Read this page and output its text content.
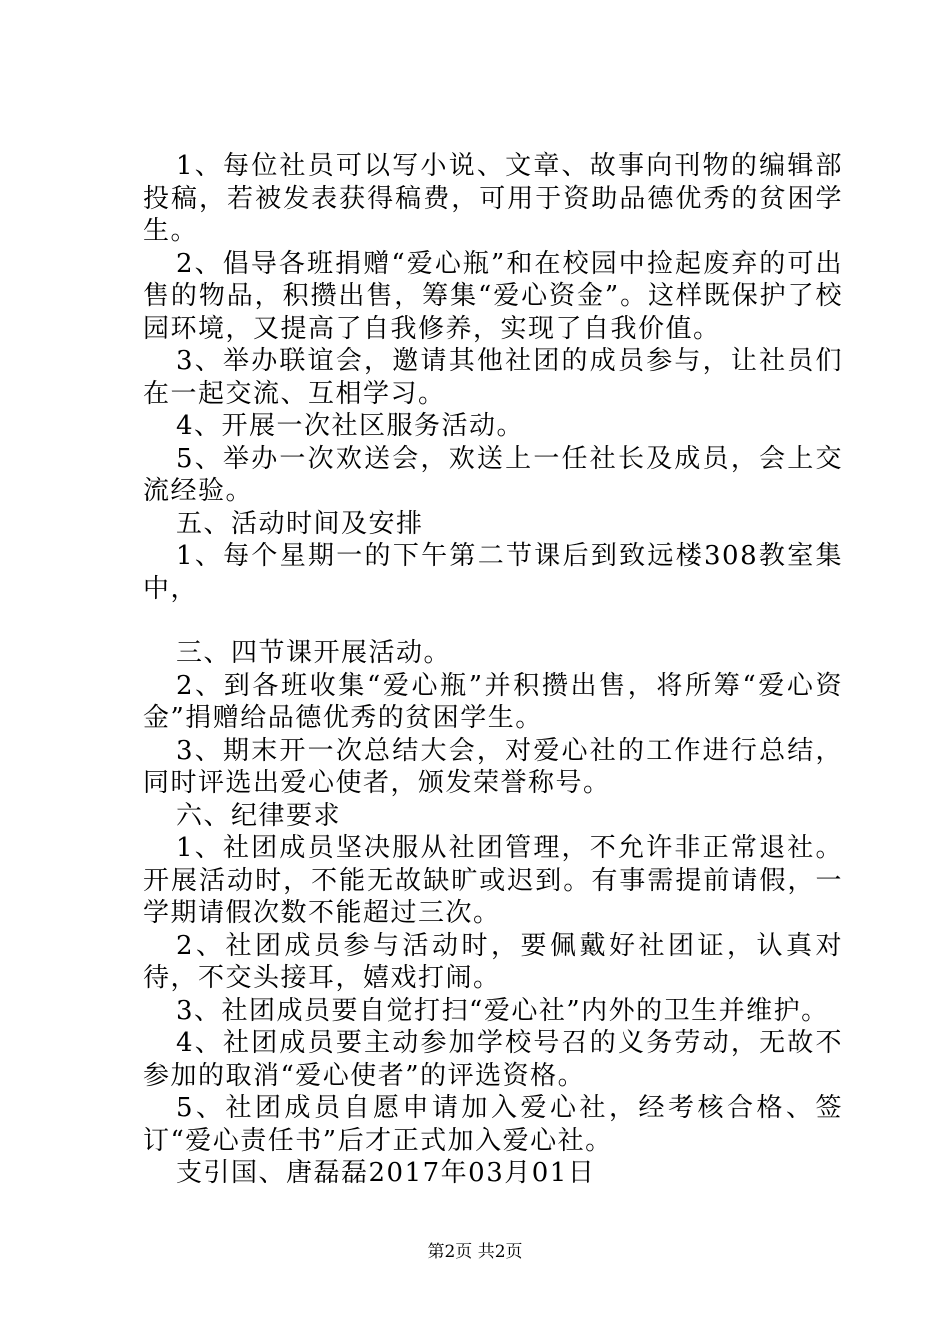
1、每位社员可以写小说、文章、故事向刊物的编辑部投稿，若被发表获得稿费，可用于资助品德优秀的贫困学生。

2、倡导各班捐赠“爱心瓶”和在校园中捡起废弃的可出售的物品，积攒出售，筹集“爱心资金”。这样既保护了校园环境，又提高了自我修养，实现了自我价值。

3、举办联谊会，邀请其他社团的成员参与，让社员们在一起交流、互相学习。

4、开展一次社区服务活动。

5、举办一次欢送会，欢送上一任社长及成员，会上交流经验。

五、活动时间及安排

1、每个星期一的下午第二节课后到致远楼308教室集中，

三、四节课开展活动。

2、到各班收集“爱心瓶”并积攒出售，将所筹“爱心资金”捐赠给品德优秀的贫困学生。

3、期末开一次总结大会，对爱心社的工作进行总结，同时评选出爱心使者，颁发荣誉称号。

六、纪律要求

1、社团成员坚决服从社团管理，不允许非正常退社。开展活动时，不能无故缺旷或迟到。有事需提前请假，一学期请假次数不能超过三次。

2、社团成员参与活动时，要佩戴好社团证，认真对待，不交头接耳，嬉戏打闹。

3、社团成员要自觉打扫“爱心社”内外的卫生并维护。

4、社团成员要主动参加学校号召的义务劳动，无故不参加的取消“爱心使者”的评选资格。

5、社团成员自愿申请加入爱心社，经考核合格、签订“爱心责任书”后才正式加入爱心社。

支引国、唐磊磊2017年03月01日

第2页 共2页
